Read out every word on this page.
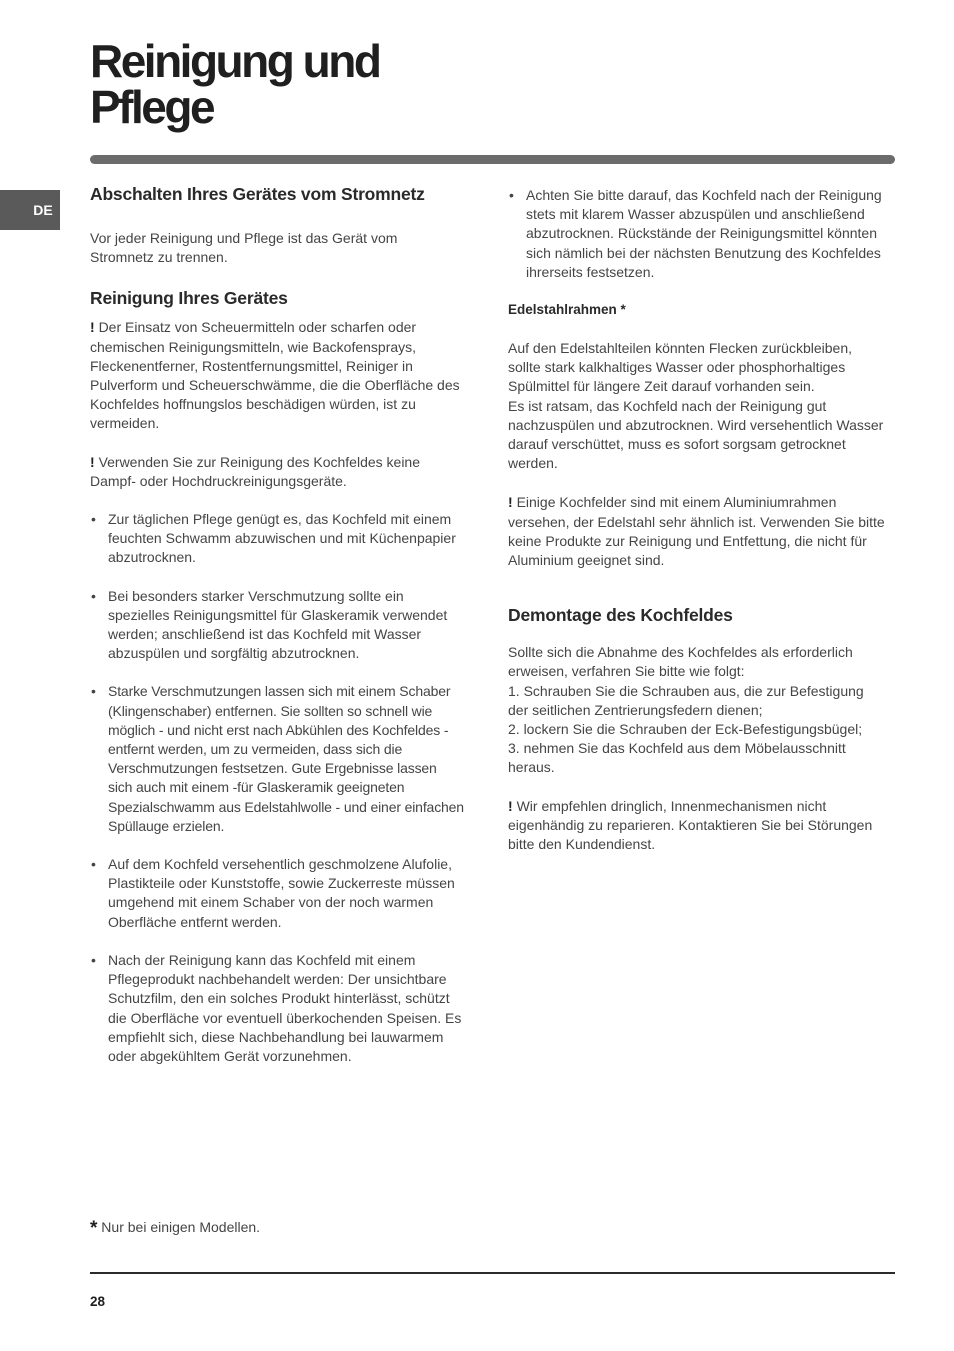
Reinigung und
Pflege
DE
Abschalten Ihres Gerätes vom Stromnetz

Vor jeder Reinigung und Pflege ist das Gerät vom Stromnetz zu trennen.

Reinigung Ihres Gerätes

! Der Einsatz von Scheuermitteln oder scharfen oder chemischen Reinigungsmitteln, wie Backofensprays, Fleckenentferner, Rostentfernungsmittel, Reiniger in Pulverform und Scheuerschwämme, die die Oberfläche des Kochfeldes hoffnungslos beschädigen würden, ist zu vermeiden.

! Verwenden Sie zur Reinigung des Kochfeldes keine Dampf- oder Hochdruckreinigungsgeräte.

• Zur täglichen Pflege genügt es, das Kochfeld mit einem feuchten Schwamm abzuwischen und mit Küchenpapier abzutrocknen.
• Bei besonders starker Verschmutzung sollte ein spezielles Reinigungsmittel für Glaskeramik verwendet werden; anschließend ist das Kochfeld mit Wasser abzuspülen und sorgfältig abzutrocknen.
• Starke Verschmutzungen lassen sich mit einem Schaber (Klingenschaber) entfernen. Sie sollten so schnell wie möglich - und nicht erst nach Abkühlen des Kochfeldes - entfernt werden, um zu vermeiden, dass sich die Verschmutzungen festsetzen. Gute Ergebnisse lassen sich auch mit einem -für Glaskeramik geeigneten Spezialschwamm aus Edelstahlwolle - und einer einfachen Spüllauge erzielen.
• Auf dem Kochfeld versehentlich geschmolzene Alufolie, Plastikteile oder Kunststoffe, sowie Zuckerreste müssen umgehend mit einem Schaber von der noch warmen Oberfläche entfernt werden.
• Nach der Reinigung kann das Kochfeld mit einem Pflegeprodukt nachbehandelt werden: Der unsichtbare Schutzfilm, den ein solches Produkt hinterlässt, schützt die Oberfläche vor eventuell überkochenden Speisen. Es empfiehlt sich, diese Nachbehandlung bei lauwarmem oder abgekühltem Gerät vorzunehmen.
• Achten Sie bitte darauf, das Kochfeld nach der Reinigung stets mit klarem Wasser abzuspülen und anschließend abzutrocknen. Rückstände der Reinigungsmittel könnten sich nämlich bei der nächsten Benutzung des Kochfeldes ihrerseits festsetzen.
Edelstahlrahmen *

Auf den Edelstahlteilen könnten Flecken zurückbleiben, sollte stark kalkhaltiges Wasser oder phosphorhaltiges Spülmittel für längere Zeit darauf vorhanden sein.

Es ist ratsam, das Kochfeld nach der Reinigung gut nachzuspülen und abzutrocknen. Wird versehentlich Wasser darauf verschüttet, muss es sofort sorgsam getrocknet werden.

! Einige Kochfelder sind mit einem Aluminiumrahmen versehen, der Edelstahl sehr ähnlich ist. Verwenden Sie bitte keine Produkte zur Reinigung und Entfettung, die nicht für Aluminium geeignet sind.

Demontage des Kochfeldes

Sollte sich die Abnahme des Kochfeldes als erforderlich erweisen, verfahren Sie bitte wie folgt:

1. Schrauben Sie die Schrauben aus, die zur Befestigung der seitlichen Zentrierungsfedern dienen;

2. lockern Sie die Schrauben der Eck-Befestigungsbügel;

3. nehmen Sie das Kochfeld aus dem Möbelausschnitt heraus.

! Wir empfehlen dringlich, Innenmechanismen nicht eigenhändig zu reparieren. Kontaktieren Sie bei Störungen bitte den Kundendienst.

* Nur bei einigen Modellen.
28
